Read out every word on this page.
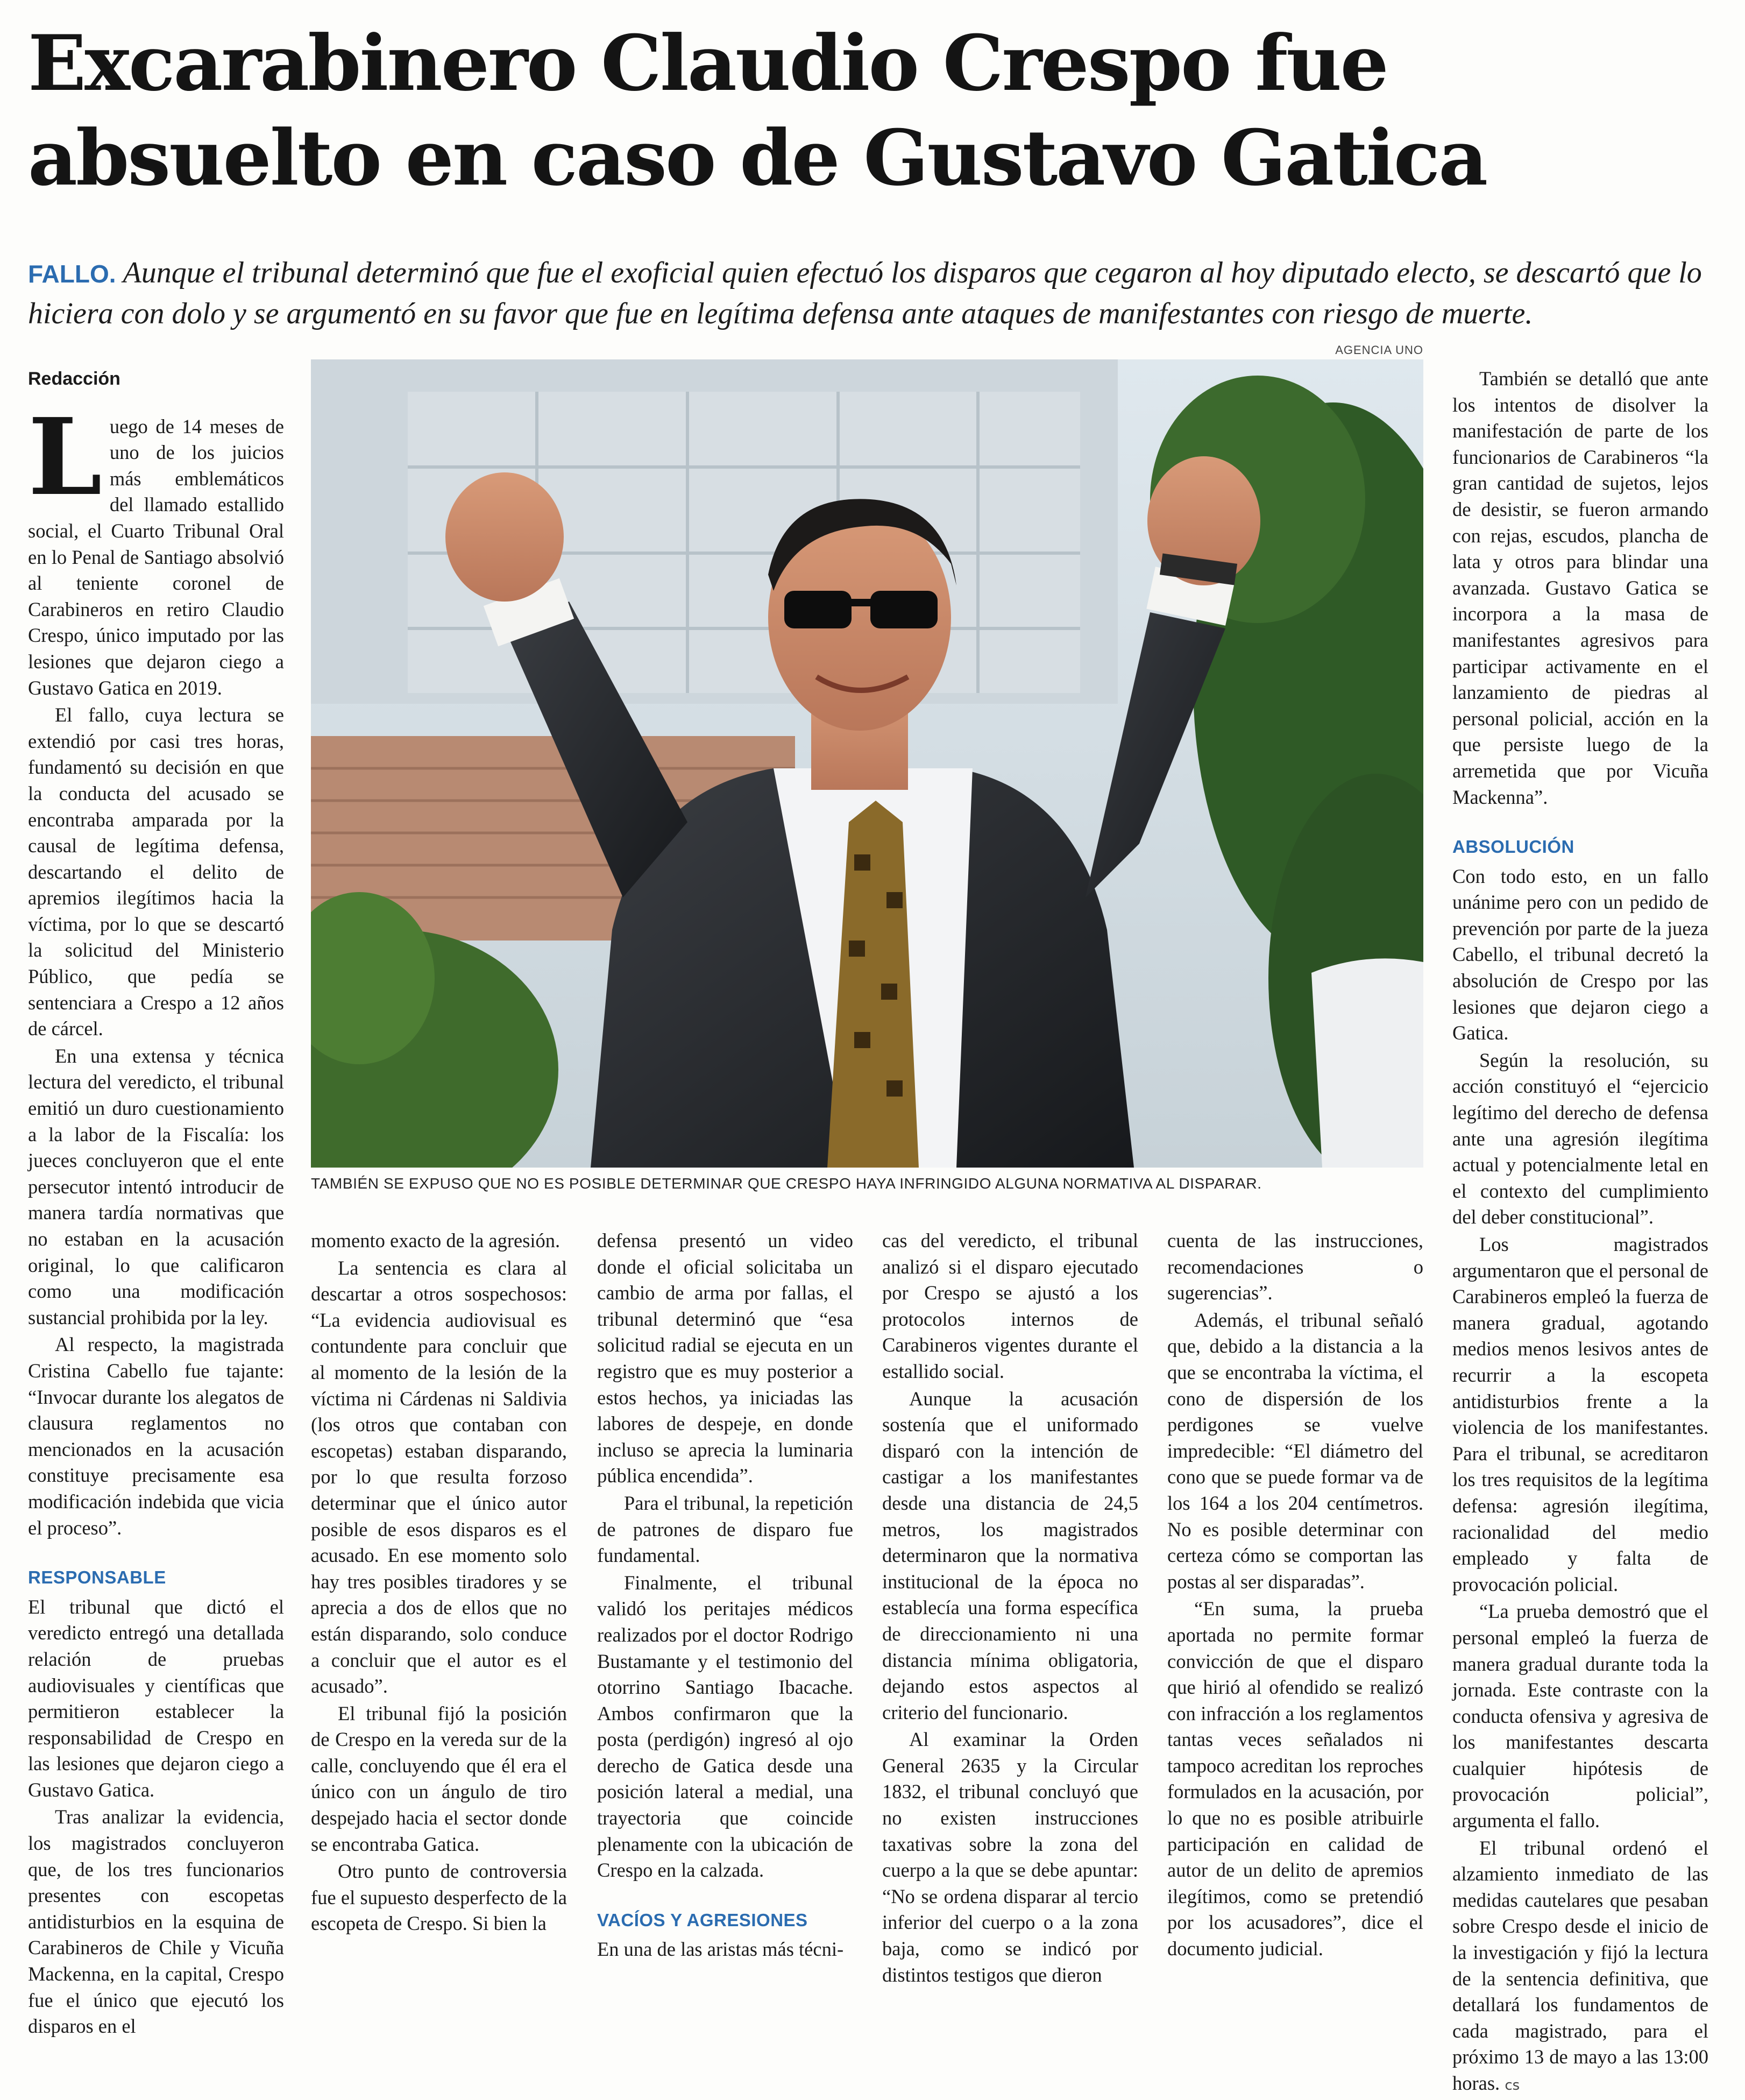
Excarabinero Claudio Crespo fue absuelto en caso de Gustavo Gatica
FALLO. Aunque el tribunal determinó que fue el exoficial quien efectuó los disparos que cegaron al hoy diputado electo, se descartó que lo hiciera con dolo y se argumentó en su favor que fue en legítima defensa ante ataques de manifestantes con riesgo de muerte.
Redacción

Luego de 14 meses de uno de los juicios más emblemáticos del llamado estallido social, el Cuarto Tribunal Oral en lo Penal de Santiago absolvió al teniente coronel de Carabineros en retiro Claudio Crespo, único imputado por las lesiones que dejaron ciego a Gustavo Gatica en 2019.

El fallo, cuya lectura se extendió por casi tres horas, fundamentó su decisión en que la conducta del acusado se encontraba amparada por la causal de legítima defensa, descartando el delito de apremios ilegítimos hacia la víctima, por lo que se descartó la solicitud del Ministerio Público, que pedía se sentenciara a Crespo a 12 años de cárcel.

En una extensa y técnica lectura del veredicto, el tribunal emitió un duro cuestionamiento a la labor de la Fiscalía: los jueces concluyeron que el ente persecutor intentó introducir de manera tardía normativas que no estaban en la acusación original, lo que calificaron como una modificación sustancial prohibida por la ley.

Al respecto, la magistrada Cristina Cabello fue tajante: “Invocar durante los alegatos de clausura reglamentos no mencionados en la acusación constituye precisamente esa modificación indebida que vicia el proceso”.

RESPONSABLE

El tribunal que dictó el veredicto entregó una detallada relación de pruebas audiovisuales y científicas que permitieron establecer la responsabilidad de Crespo en las lesiones que dejaron ciego a Gustavo Gatica.

Tras analizar la evidencia, los magistrados concluyeron que, de los tres funcionarios presentes con escopetas antidisturbios en la esquina de Carabineros de Chile y Vicuña Mackenna, en la capital, Crespo fue el único que ejecutó los disparos en el

AGENCIA UNO
TAMBIÉN SE EXPUSO QUE NO ES POSIBLE DETERMINAR QUE CRESPO HAYA INFRINGIDO ALGUNA NORMATIVA AL DISPARAR.

momento exacto de la agresión.

La sentencia es clara al descartar a otros sospechosos: “La evidencia audiovisual es contundente para concluir que al momento de la lesión de la víctima ni Cárdenas ni Saldivia (los otros que contaban con escopetas) estaban disparando, por lo que resulta forzoso determinar que el único autor posible de esos disparos es el acusado. En ese momento solo hay tres posibles tiradores y se aprecia a dos de ellos que no están disparando, solo conduce a concluir que el autor es el acusado”.

El tribunal fijó la posición de Crespo en la vereda sur de la calle, concluyendo que él era el único con un ángulo de tiro despejado hacia el sector donde se encontraba Gatica.

Otro punto de controversia fue el supuesto desperfecto de la escopeta de Crespo. Si bien la

defensa presentó un video donde el oficial solicitaba un cambio de arma por fallas, el tribunal determinó que “esa solicitud radial se ejecuta en un registro que es muy posterior a estos hechos, ya iniciadas las labores de despeje, en donde incluso se aprecia la luminaria pública encendida”.

Para el tribunal, la repetición de patrones de disparo fue fundamental.

Finalmente, el tribunal validó los peritajes médicos realizados por el doctor Rodrigo Bustamante y el testimonio del otorrino Santiago Ibacache. Ambos confirmaron que la posta (perdigón) ingresó al ojo derecho de Gatica desde una posición lateral a medial, una trayectoria que coincide plenamente con la ubicación de Crespo en la calzada.

VACÍOS Y AGRESIONES

En una de las aristas más técni-

cas del veredicto, el tribunal analizó si el disparo ejecutado por Crespo se ajustó a los protocolos internos de Carabineros vigentes durante el estallido social.

Aunque la acusación sostenía que el uniformado disparó con la intención de castigar a los manifestantes desde una distancia de 24,5 metros, los magistrados determinaron que la normativa institucional de la época no establecía una forma específica de direccionamiento ni una distancia mínima obligatoria, dejando estos aspectos al criterio del funcionario.

Al examinar la Orden General 2635 y la Circular 1832, el tribunal concluyó que no existen instrucciones taxativas sobre la zona del cuerpo a la que se debe apuntar: “No se ordena disparar al tercio inferior del cuerpo o a la zona baja, como se indicó por distintos testigos que dieron

cuenta de las instrucciones, recomendaciones o sugerencias”.

Además, el tribunal señaló que, debido a la distancia a la que se encontraba la víctima, el cono de dispersión de los perdigones se vuelve impredecible: “El diámetro del cono que se puede formar va de los 164 a los 204 centímetros. No es posible determinar con certeza cómo se comportan las postas al ser disparadas”.

“En suma, la prueba aportada no permite formar convicción de que el disparo que hirió al ofendido se realizó con infracción a los reglamentos tantas veces señalados ni tampoco acreditan los reproches formulados en la acusación, por lo que no es posible atribuirle participación en calidad de autor de un delito de apremios ilegítimos, como se pretendió por los acusadores”, dice el documento judicial.

También se detalló que ante los intentos de disolver la manifestación de parte de los funcionarios de Carabineros “la gran cantidad de sujetos, lejos de desistir, se fueron armando con rejas, escudos, plancha de lata y otros para blindar una avanzada. Gustavo Gatica se incorpora a la masa de manifestantes agresivos para participar activamente en el lanzamiento de piedras al personal policial, acción en la que persiste luego de la arremetida que por Vicuña Mackenna”.

ABSOLUCIÓN

Con todo esto, en un fallo unánime pero con un pedido de prevención por parte de la jueza Cabello, el tribunal decretó la absolución de Crespo por las lesiones que dejaron ciego a Gatica.

Según la resolución, su acción constituyó el “ejercicio legítimo del derecho de defensa ante una agresión ilegítima actual y potencialmente letal en el contexto del cumplimiento del deber constitucional”.

Los magistrados argumentaron que el personal de Carabineros empleó la fuerza de manera gradual, agotando medios menos lesivos antes de recurrir a la escopeta antidisturbios frente a la violencia de los manifestantes. Para el tribunal, se acreditaron los tres requisitos de la legítima defensa: agresión ilegítima, racionalidad del medio empleado y falta de provocación policial.

“La prueba demostró que el personal empleó la fuerza de manera gradual durante toda la jornada. Este contraste con la conducta ofensiva y agresiva de los manifestantes descarta cualquier hipótesis de provocación policial”, argumenta el fallo.

El tribunal ordenó el alzamiento inmediato de las medidas cautelares que pesaban sobre Crespo desde el inicio de la investigación y fijó la lectura de la sentencia definitiva, que detallará los fundamentos de cada magistrado, para el próximo 13 de mayo a las 13:00 horas. cs
